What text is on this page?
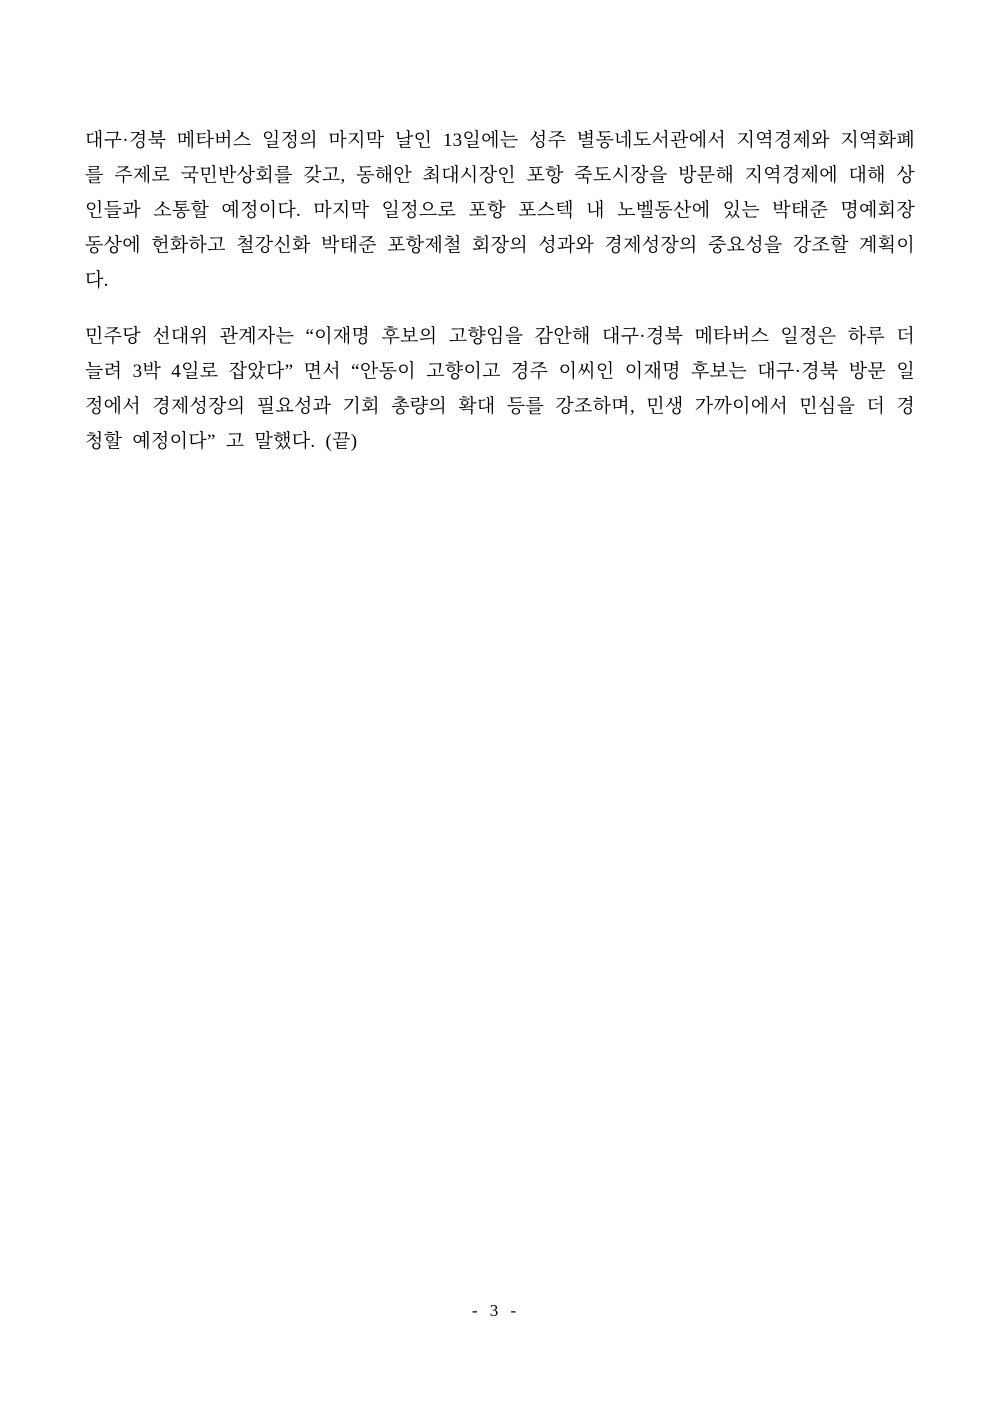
대구·경북 메타버스 일정의 마지막 날인 13일에는 성주 별동네도서관에서 지역경제와 지역화폐를 주제로 국민반상회를 갖고, 동해안 최대시장인 포항 죽도시장을 방문해 지역경제에 대해 상인들과 소통할 예정이다. 마지막 일정으로 포항 포스텍 내 노벨동산에 있는 박태준 명예회장 동상에 헌화하고 철강신화 박태준 포항제철 회장의 성과와 경제성장의 중요성을 강조할 계획이다.

민주당 선대위 관계자는 “이재명 후보의 고향임을 감안해 대구·경북 메타버스 일정은 하루 더 늘려 3박 4일로 잡았다” 면서 “안동이 고향이고 경주 이씨인 이재명 후보는 대구·경북 방문 일정에서 경제성장의 필요성과 기회 총량의 확대 등를 강조하며, 민생 가까이에서 민심을 더 경청할 예정이다” 고 말했다. (끝)

- 3 -
